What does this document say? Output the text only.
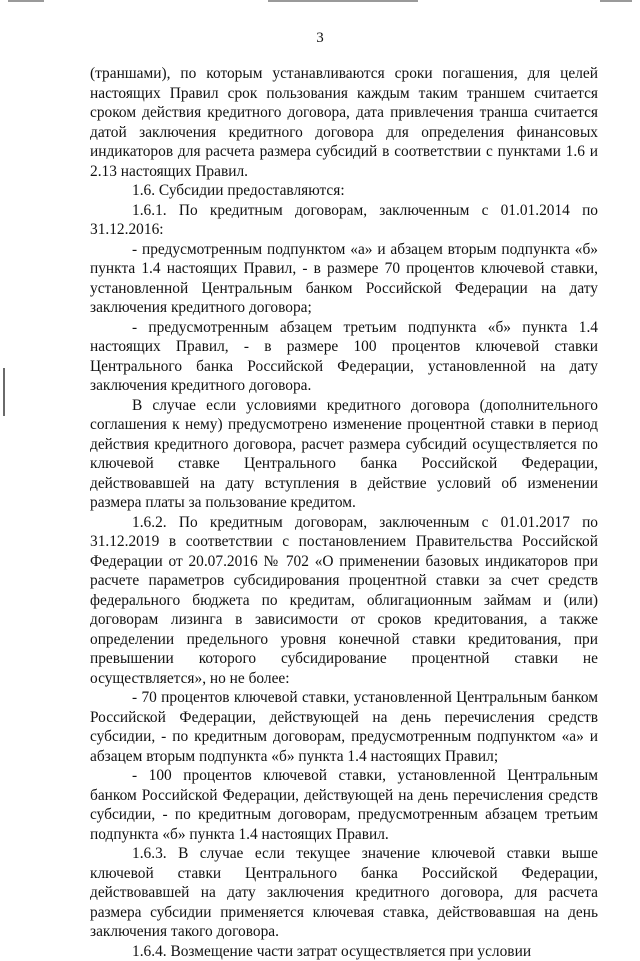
3

(траншами), по которым устанавливаются сроки погашения, для целей настоящих Правил срок пользования каждым таким траншем считается сроком действия кредитного договора, дата привлечения транша считается датой заключения кредитного договора для определения финансовых индикаторов для расчета размера субсидий в соответствии с пунктами 1.6 и 2.13 настоящих Правил.

1.6. Субсидии предоставляются:

1.6.1. По кредитным договорам, заключенным с 01.01.2014 по 31.12.2016:

- предусмотренным подпунктом «а» и абзацем вторым подпункта «б» пункта 1.4 настоящих Правил, - в размере 70 процентов ключевой ставки, установленной Центральным банком Российской Федерации на дату заключения кредитного договора;

- предусмотренным абзацем третьим подпункта «б» пункта 1.4 настоящих Правил, - в размере 100 процентов ключевой ставки Центрального банка Российской Федерации, установленной на дату заключения кредитного договора.

В случае если условиями кредитного договора (дополнительного соглашения к нему) предусмотрено изменение процентной ставки в период действия кредитного договора, расчет размера субсидий осуществляется по ключевой ставке Центрального банка Российской Федерации, действовавшей на дату вступления в действие условий об изменении размера платы за пользование кредитом.

1.6.2. По кредитным договорам, заключенным с 01.01.2017 по 31.12.2019 в соответствии с постановлением Правительства Российской Федерации от 20.07.2016 № 702 «О применении базовых индикаторов при расчете параметров субсидирования процентной ставки за счет средств федерального бюджета по кредитам, облигационным займам и (или) договорам лизинга в зависимости от сроков кредитования, а также определении предельного уровня конечной ставки кредитования, при превышении которого субсидирование процентной ставки не осуществляется», но не более:

- 70 процентов ключевой ставки, установленной Центральным банком Российской Федерации, действующей на день перечисления средств субсидии, - по кредитным договорам, предусмотренным подпунктом «а» и абзацем вторым подпункта «б» пункта 1.4 настоящих Правил;

- 100 процентов ключевой ставки, установленной Центральным банком Российской Федерации, действующей на день перечисления средств субсидии, - по кредитным договорам, предусмотренным абзацем третьим подпункта «б» пункта 1.4 настоящих Правил.

1.6.3. В случае если текущее значение ключевой ставки выше ключевой ставки Центрального банка Российской Федерации, действовавшей на дату заключения кредитного договора, для расчета размера субсидии применяется ключевая ставка, действовавшая на день заключения такого договора.

1.6.4. Возмещение части затрат осуществляется при условии
